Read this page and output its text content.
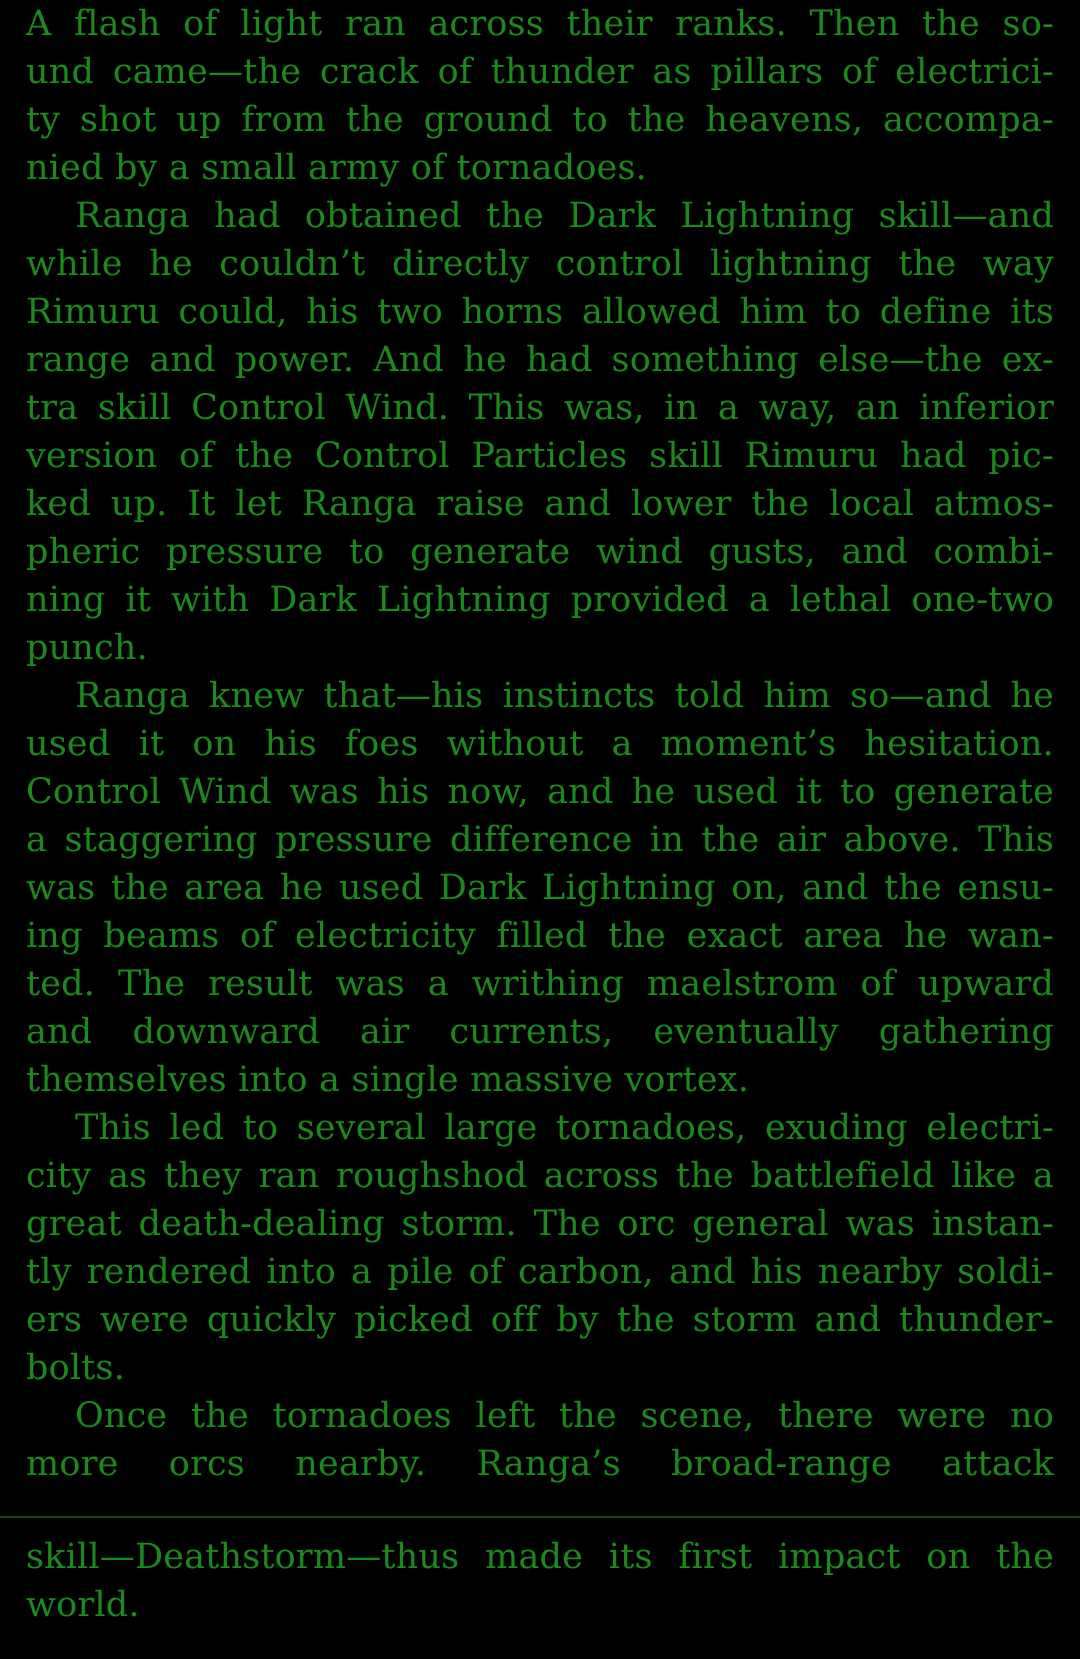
A flash of light ran across their ranks. Then the so-
und came—the crack of thunder as pillars of electrici-
ty shot up from the ground to the heavens, accompa-
nied by a small army of tornadoes.
Ranga had obtained the Dark Lightning skill—and
while he couldn’t directly control lightning the way
Rimuru could, his two horns allowed him to define its
range and power. And he had something else—the ex-
tra skill Control Wind. This was, in a way, an inferior
version of the Control Particles skill Rimuru had pic-
ked up. It let Ranga raise and lower the local atmos-
pheric pressure to generate wind gusts, and combi-
ning it with Dark Lightning provided a lethal one-two
punch.
Ranga knew that—his instincts told him so—and he
used it on his foes without a moment’s hesitation.
Control Wind was his now, and he used it to generate
a staggering pressure difference in the air above. This
was the area he used Dark Lightning on, and the ensu-
ing beams of electricity filled the exact area he wan-
ted. The result was a writhing maelstrom of upward
and downward air currents, eventually gathering
themselves into a single massive vortex.
This led to several large tornadoes, exuding electri-
city as they ran roughshod across the battlefield like a
great death-dealing storm. The orc general was instan-
tly rendered into a pile of carbon, and his nearby soldi-
ers were quickly picked off by the storm and thunder-
bolts.
Once the tornadoes left the scene, there were no
more orcs nearby. Ranga’s broad-range attack
skill—Deathstorm—thus made its first impact on the
world.
